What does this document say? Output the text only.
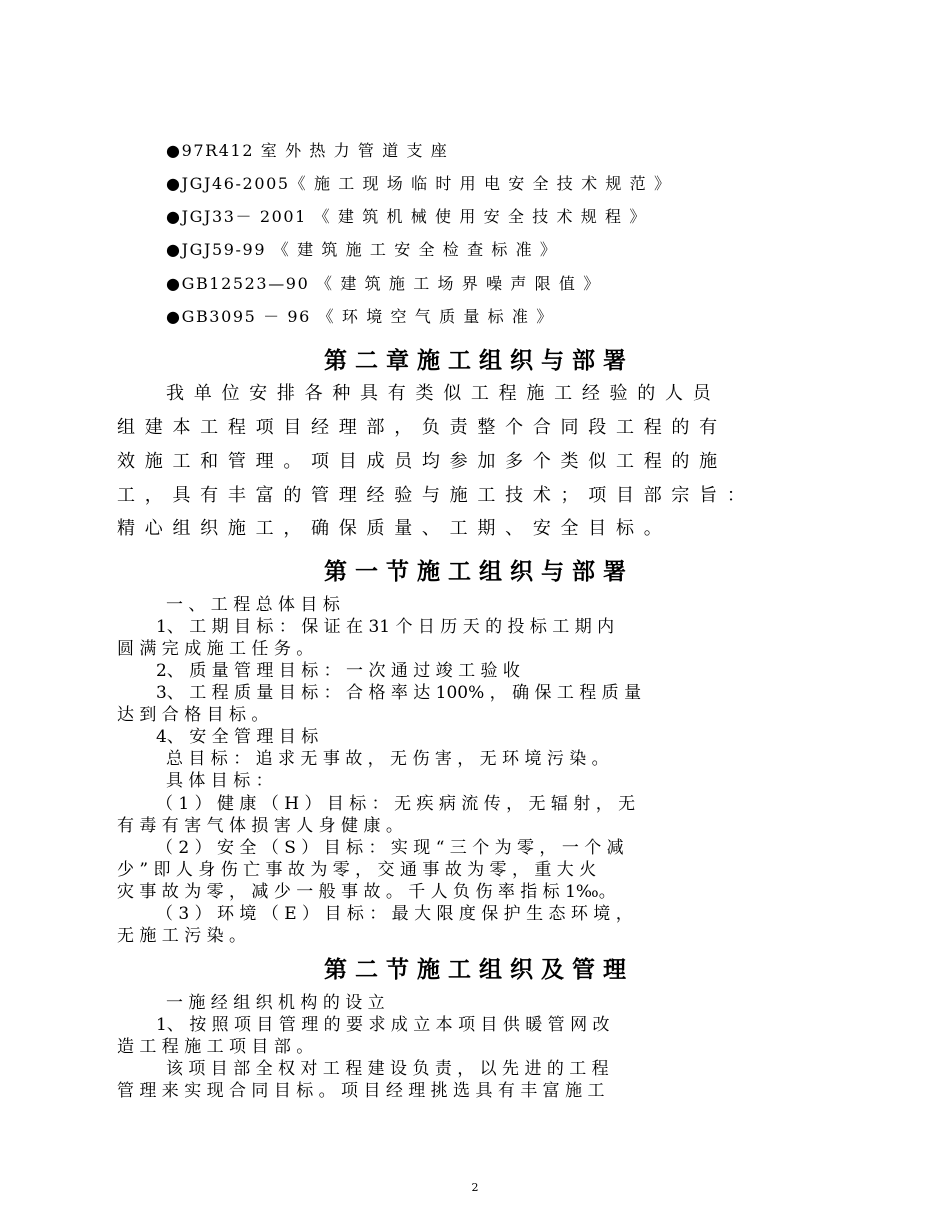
●97R412 室 外 热 力 管 道 支 座
●JGJ46-2005《 施 工 现 场 临 时 用 电 安 全 技 术 规 范 》
●JGJ33－ 2001 《 建 筑 机 械 使 用 安 全 技 术 规 程 》
●JGJ59-99 《 建 筑 施 工 安 全 检 查 标 准 》
●GB12523—90 《 建 筑 施 工 场 界 噪 声 限 值 》
●GB3095 － 96 《 环 境 空 气 质 量 标 准 》
第 二 章 施 工 组 织 与 部 署
我 单 位 安 排 各 种 具 有 类 似 工 程 施 工 经 验 的 人 员
组 建 本 工 程 项 目 经 理 部 ， 负 责 整 个 合 同 段 工 程 的 有
效 施 工 和 管 理 。 项 目 成 员 均 参 加 多 个 类 似 工 程 的 施
工 ， 具 有 丰 富 的 管 理 经 验 与 施 工 技 术 ； 项 目 部 宗 旨 ：
精 心 组 织 施 工 ， 确 保 质 量 、 工 期 、 安 全 目 标 。
第 一 节 施 工 组 织 与 部 署
一 、 工 程 总 体 目 标
1、 工 期 目 标 ： 保 证 在 31 个 日 历 天 的 投 标 工 期 内
圆 满 完 成 施 工 任 务 。
2、 质 量 管 理 目 标 ： 一 次 通 过 竣 工 验 收
3、 工 程 质 量 目 标 ： 合 格 率 达 100% ， 确 保 工 程 质 量
达 到 合 格 目 标 。
4、 安 全 管 理 目 标
总 目 标 ： 追 求 无 事 故 ， 无 伤 害 ， 无 环 境 污 染 。
具 体 目 标 ：
（ 1 ） 健 康 （ H ） 目 标 ： 无 疾 病 流 传 ， 无 辐 射 ， 无
有 毒 有 害 气 体 损 害 人 身 健 康 。
（ 2 ） 安 全 （ S ） 目 标 ： 实 现 “ 三 个 为 零 ， 一 个 减
少 ” 即 人 身 伤 亡 事 故 为 零 ， 交 通 事 故 为 零 ， 重 大 火
灾 事 故 为 零 ， 减 少 一 般 事 故 。 千 人 负 伤 率 指 标 1‰。
（ 3 ） 环 境 （ E ） 目 标 ： 最 大 限 度 保 护 生 态 环 境 ，
无 施 工 污 染 。
第 二 节 施 工 组 织 及 管 理
一 施 经 组 织 机 构 的 设 立
1、 按 照 项 目 管 理 的 要 求 成 立 本 项 目 供 暖 管 网 改
造 工 程 施 工 项 目 部 。
该 项 目 部 全 权 对 工 程 建 设 负 责 ， 以 先 进 的 工 程
管 理 来 实 现 合 同 目 标 。 项 目 经 理 挑 选 具 有 丰 富 施 工
2
